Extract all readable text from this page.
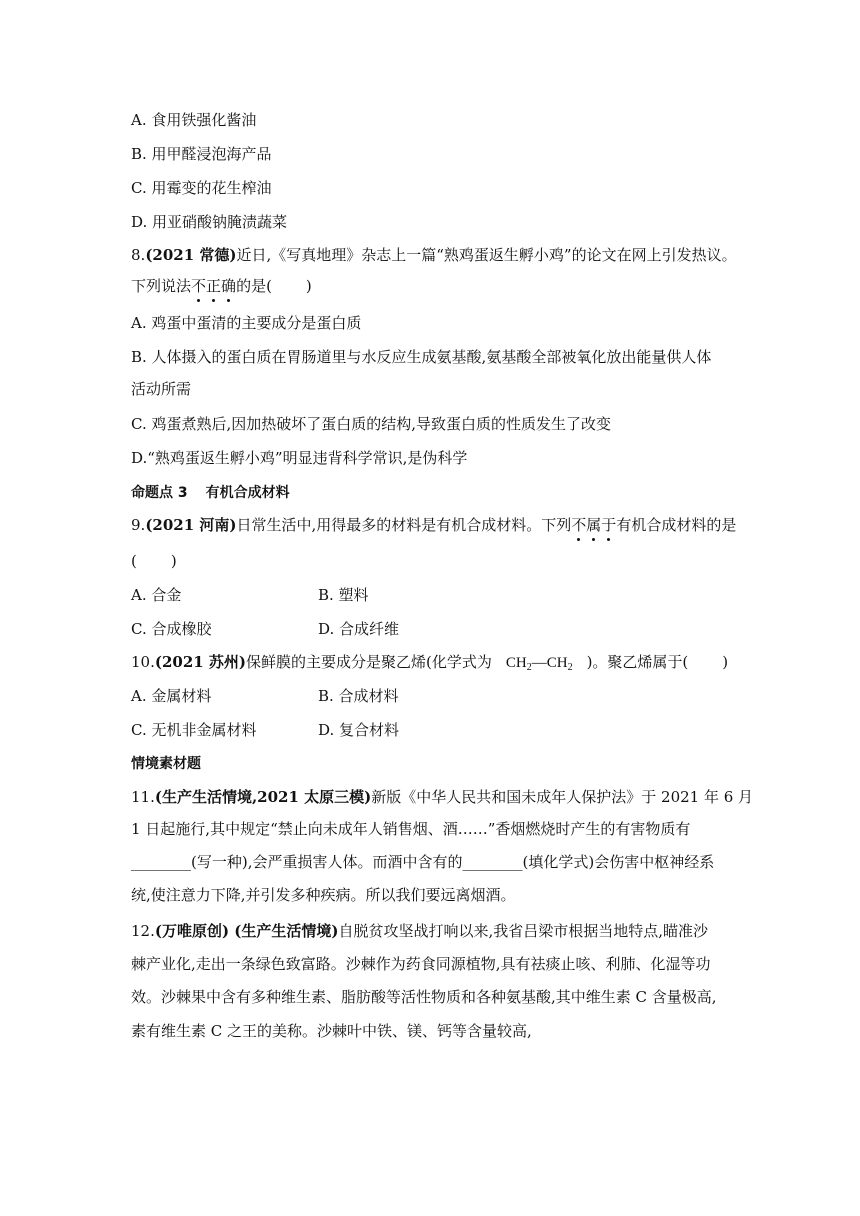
A. 食用铁强化酱油
B. 用甲醛浸泡海产品
C. 用霉变的花生榨油
D. 用亚硝酸钠腌渍蔬菜
8.(2021 常德)近日,《写真地理》杂志上一篇“熟鸡蛋返生孵小鸡”的论文在网上引发热议。
下列说法不正确的是( )
A. 鸡蛋中蛋清的主要成分是蛋白质
B. 人体摄入的蛋白质在胃肠道里与水反应生成氨基酸,氨基酸全部被氧化放出能量供人体
活动所需
C. 鸡蛋煮熟后,因加热破坏了蛋白质的结构,导致蛋白质的性质发生了改变
D.“熟鸡蛋返生孵小鸡”明显违背科学常识,是伪科学
命题点 3 有机合成材料
9.(2021 河南)日常生活中,用得最多的材料是有机合成材料。下列不属于有机合成材料的是
( )
A. 合金	B. 塑料
C. 合成橡胶	D. 合成纤维
10.(2021 苏州)保鲜膜的主要成分是聚乙烯(化学式为 $CH_2—CH_2$ )。聚乙烯属于( )
A. 金属材料	B. 合成材料
C. 无机非金属材料	D. 复合材料
情境素材题
11.(生产生活情境,2021 太原三模)新版《中华人民共和国未成年人保护法》于 2021 年 6 月
1 日起施行,其中规定“禁止向未成年人销售烟、酒……”香烟燃烧时产生的有害物质有
________(写一种),会严重损害人体。而酒中含有的________(填化学式)会伤害中枢神经系
统,使注意力下降,并引发多种疾病。所以我们要远离烟酒。
12.(万唯原创) (生产生活情境)自脱贫攻坚战打响以来,我省吕梁市根据当地特点,瞄准沙
棘产业化,走出一条绿色致富路。沙棘作为药食同源植物,具有祛痰止咳、利肺、化湿等功
效。沙棘果中含有多种维生素、脂肪酸等活性物质和各种氨基酸,其中维生素 C 含量极高,
素有维生素 C 之王的美称。沙棘叶中铁、镁、钙等含量较高,
